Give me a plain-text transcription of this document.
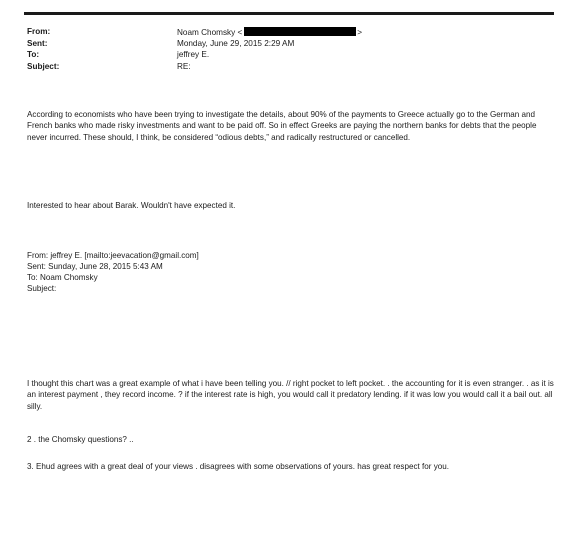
From:	Noam Chomsky <	>
Sent:	Monday, June 29, 2015 2:29 AM
To:	jeffrey E.
Subject:	RE:
According to economists who have been trying to investigate the details, about 90% of the payments to Greece actually go to the German and French banks who made risky investments and want to be paid off. So in effect Greeks are paying the northern banks for debts that the people never incurred. These should, I think, be considered “odious debts,” and radically restructured or cancelled.
Interested to hear about Barak. Wouldn't have expected it.
From: jeffrey E. [mailto:jeevacation@gmail.com]
Sent: Sunday, June 28, 2015 5:43 AM
To: Noam Chomsky
Subject:
I thought this chart was a great example of what i have been telling you. // right pocket to left pocket. . the accounting for it is even stranger. . as it is an interest payment , they record income. ? if the interest rate is high, you would call it predatory lending. if it was low you would call it a bail out. all silly.
2 . the Chomsky questions? ..
3. Ehud agrees with a great deal of your views . disagrees with some observations of yours. has great respect for you.
